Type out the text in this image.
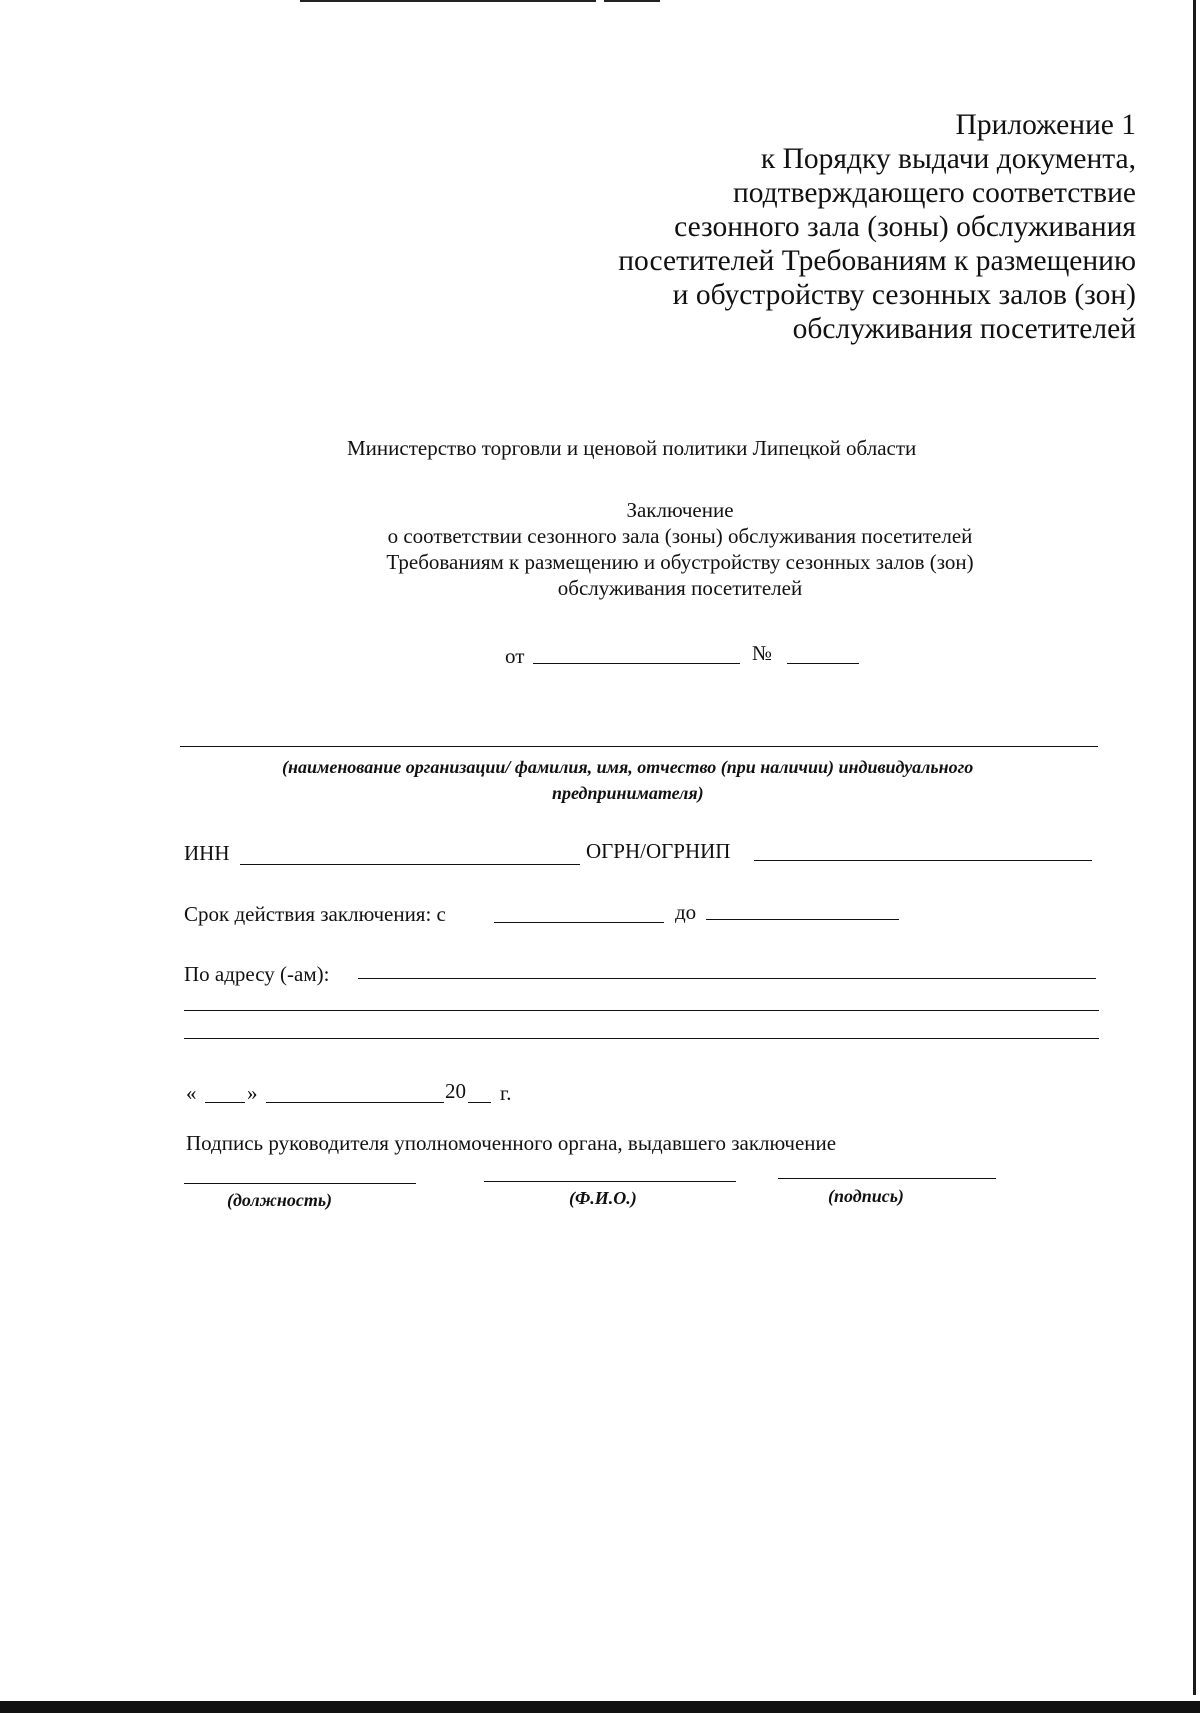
Приложение 1
к Порядку выдачи документа,
подтверждающего соответствие
сезонного зала (зоны) обслуживания
посетителей Требованиям к размещению
и обустройству сезонных залов (зон)
обслуживания посетителей
Министерство торговли и ценовой политики Липецкой области
Заключение
о соответствии сезонного зала (зоны) обслуживания посетителей
Требованиям к размещению и обустройству сезонных залов (зон)
обслуживания посетителей
от	№
(наименование организации/ фамилия, имя, отчество (при наличии) индивидуального
предпринимателя)
ИНН	ОГРН/ОГРНИП
Срок действия заключения: с	до
По адресу (-ам):
« »	20 г.
Подпись руководителя уполномоченного органа, выдавшего заключение
(должность)	(Ф.И.О.)	(подпись)
